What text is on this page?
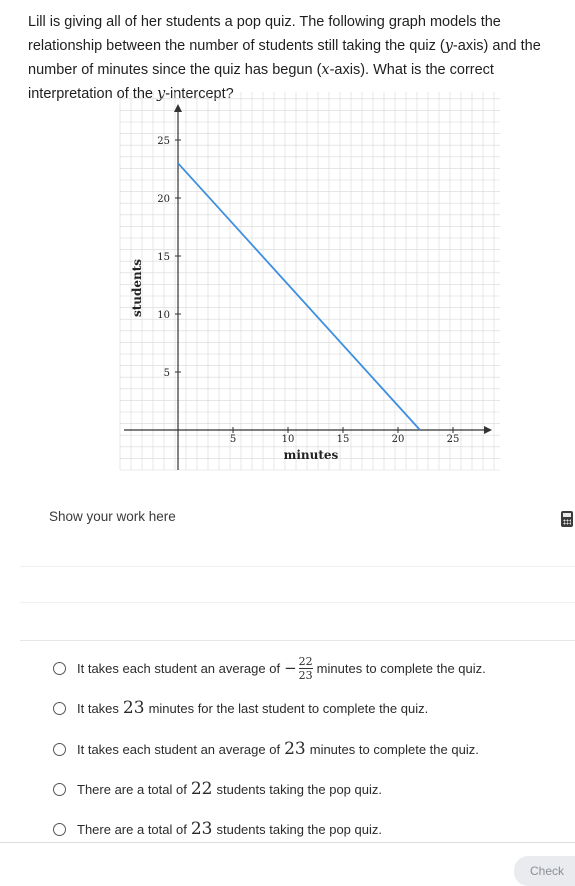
Lill is giving all of her students a pop quiz. The following graph models the relationship between the number of students still taking the quiz (y-axis) and the number of minutes since the quiz has begun (x-axis). What is the correct interpretation of the y-intercept?
5	10	15	20	25
5
10
15
20
25
minutes
students
Show your work here
It takes each student an average of − $\frac{22}{23}$ minutes to complete the quiz.
It takes 23 minutes for the last student to complete the quiz.
It takes each student an average of 23 minutes to complete the quiz.
There are a total of 22 students taking the pop quiz.
There are a total of 23 students taking the pop quiz.
Check
